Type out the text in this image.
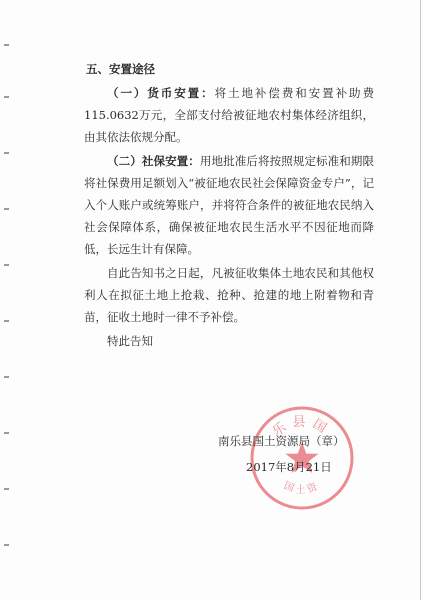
五、安置途径

（一）货币安置：将土地补偿费和安置补助费115.0632万元，全部支付给被征地农村集体经济组织，由其依法依规分配。

（二）社保安置：用地批准后将按照规定标准和期限将社保费用足额划入“被征地农民社会保障资金专户”，记入个人账户或统筹账户，并将符合条件的被征地农民纳入社会保障体系，确保被征地农民生活水平不因征地而降低，长远生计有保障。

自此告知书之日起，凡被征收集体土地农民和其他权利人在拟征土地上抢栽、抢种、抢建的地上附着物和青苗，征收土地时一律不予补偿。

特此告知

乐县国
国土资
南乐县国土资源局（章）
2017年8月21日
